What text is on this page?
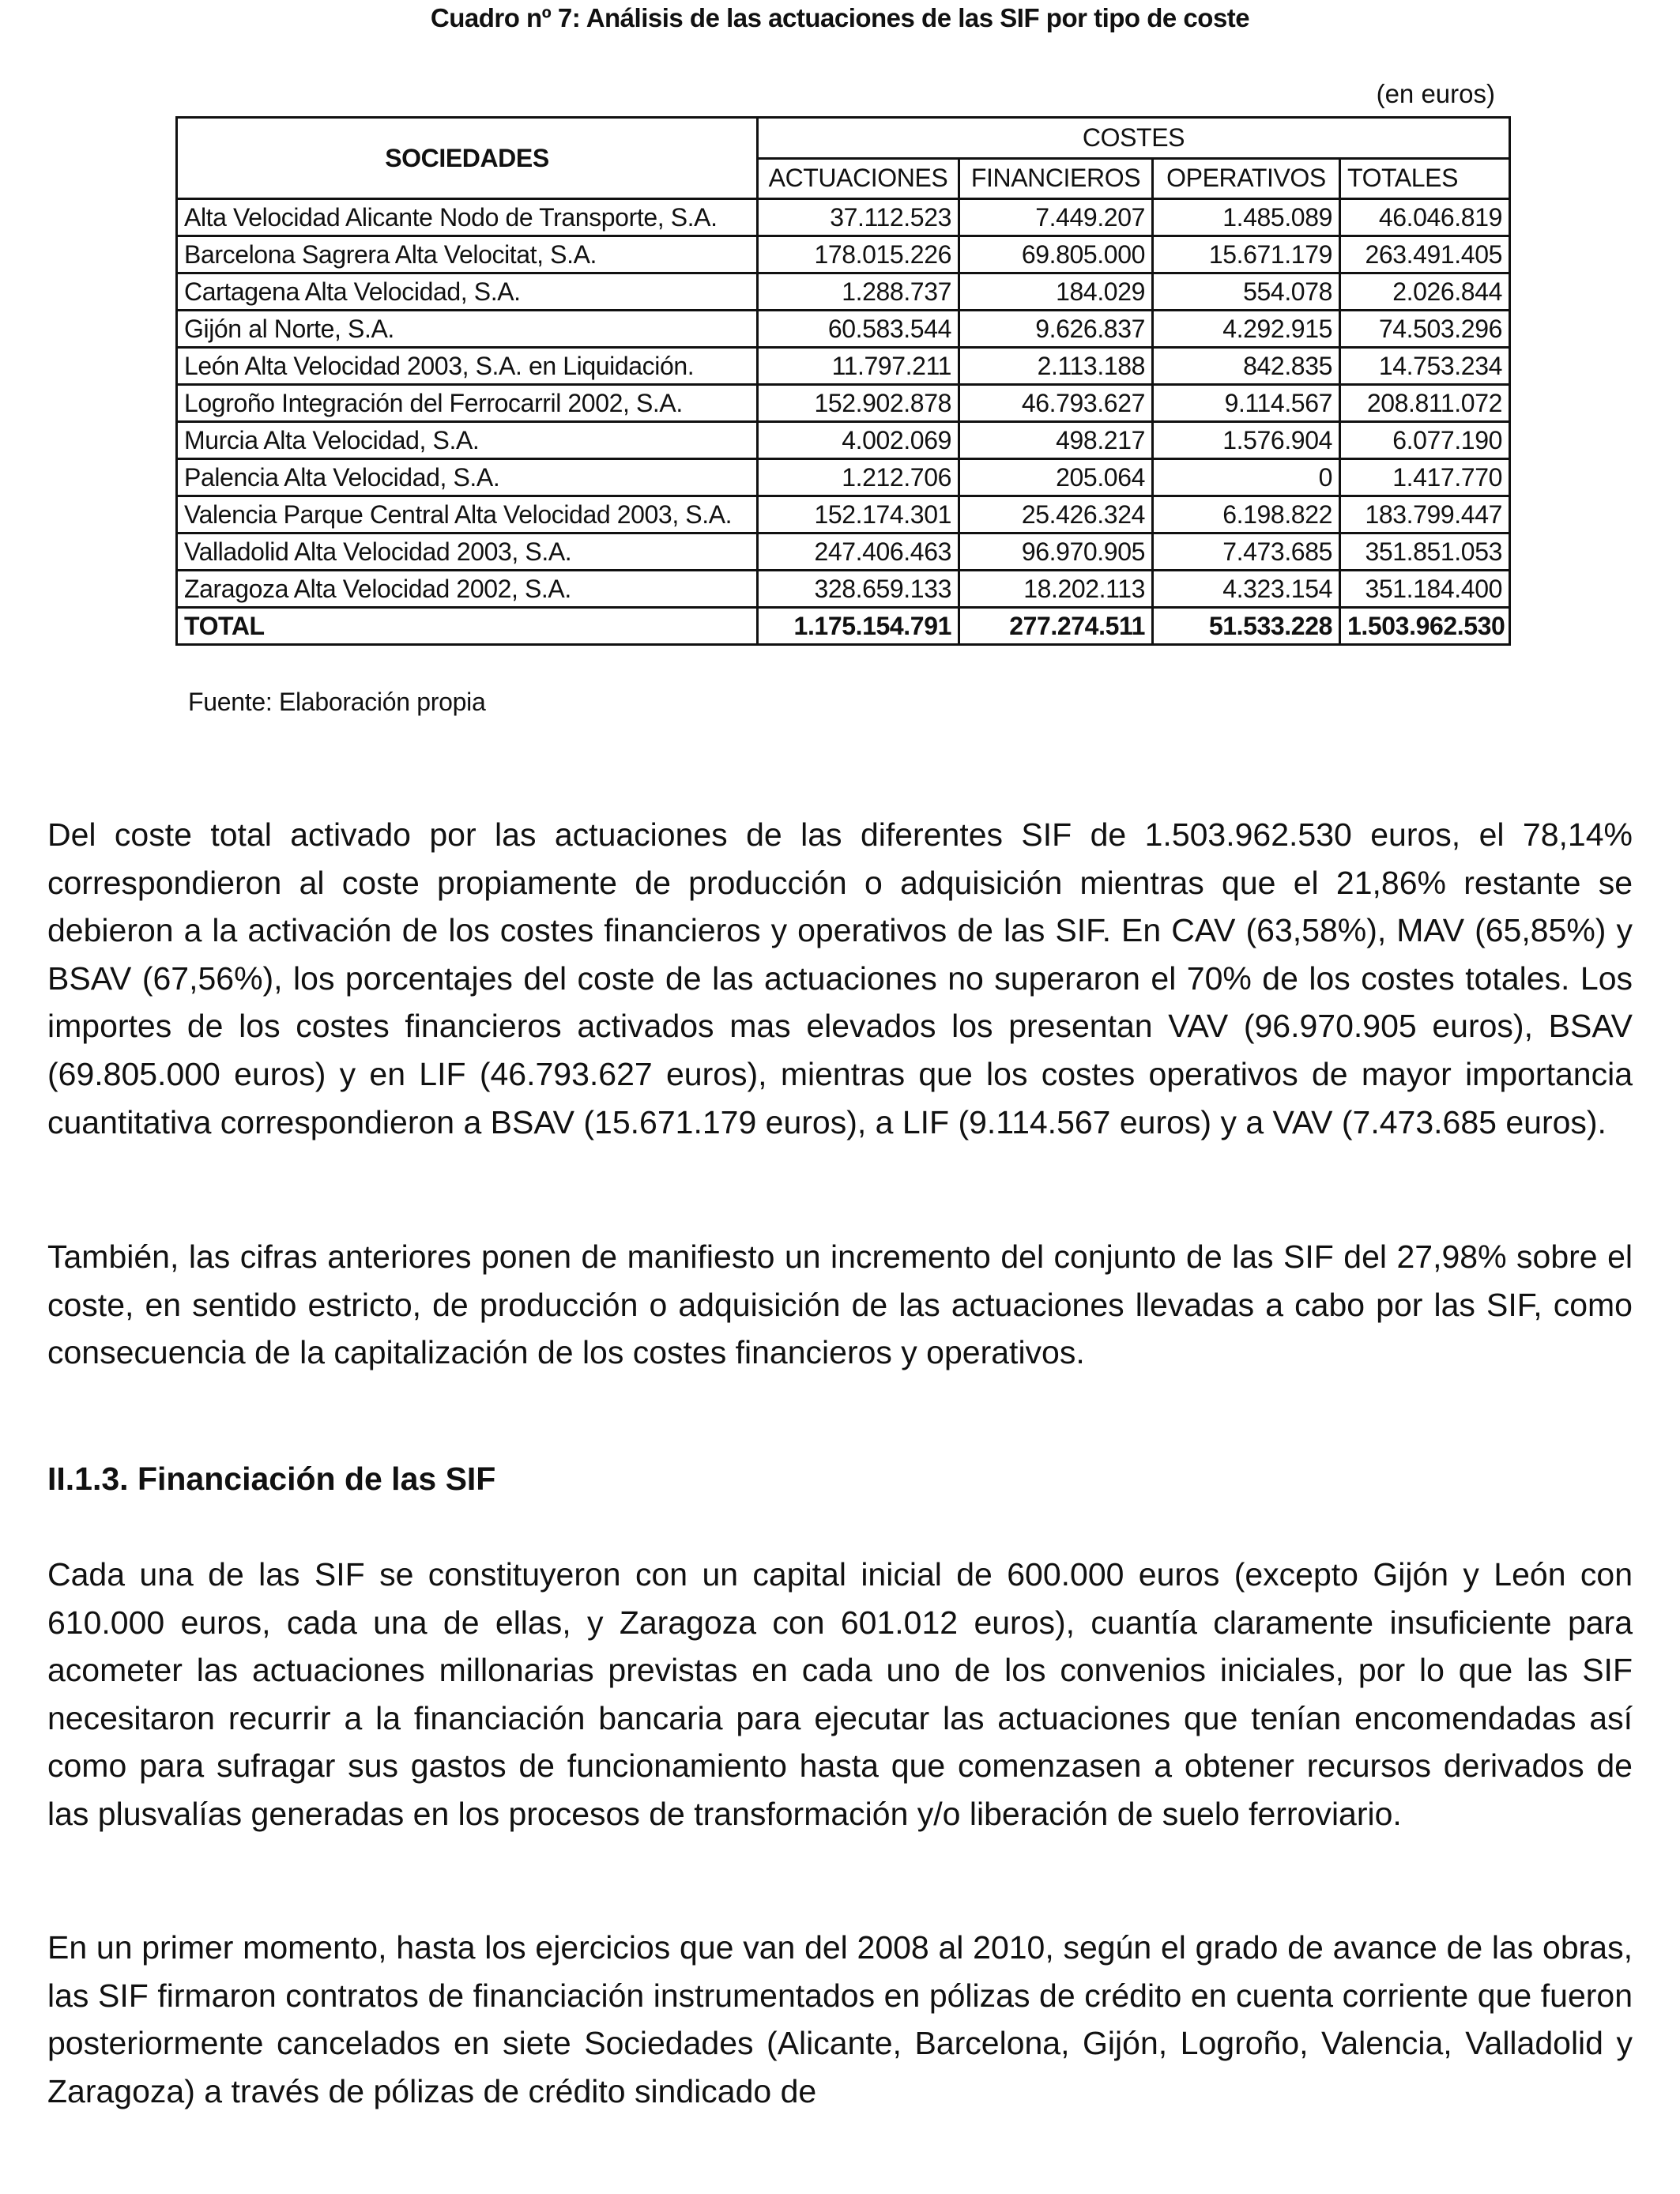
Cuadro nº 7: Análisis de las actuaciones de las SIF por tipo de coste
(en euros)
SOCIEDADES	COSTES			
	ACTUACIONES	FINANCIEROS	OPERATIVOS	TOTALES
Alta Velocidad Alicante Nodo de Transporte, S.A.	37.112.523	7.449.207	1.485.089	46.046.819
Barcelona Sagrera Alta Velocitat, S.A.	178.015.226	69.805.000	15.671.179	263.491.405
Cartagena Alta Velocidad, S.A.	1.288.737	184.029	554.078	2.026.844
Gijón al Norte, S.A.	60.583.544	9.626.837	4.292.915	74.503.296
León Alta Velocidad 2003, S.A. en Liquidación.	11.797.211	2.113.188	842.835	14.753.234
Logroño Integración del Ferrocarril 2002, S.A.	152.902.878	46.793.627	9.114.567	208.811.072
Murcia Alta Velocidad, S.A.	4.002.069	498.217	1.576.904	6.077.190
Palencia Alta Velocidad, S.A.	1.212.706	205.064	0	1.417.770
Valencia Parque Central Alta Velocidad 2003, S.A.	152.174.301	25.426.324	6.198.822	183.799.447
Valladolid Alta Velocidad 2003, S.A.	247.406.463	96.970.905	7.473.685	351.851.053
Zaragoza Alta Velocidad 2002, S.A.	328.659.133	18.202.113	4.323.154	351.184.400
TOTAL	1.175.154.791	277.274.511	51.533.228	1.503.962.530
Fuente: Elaboración propia

Del coste total activado por las actuaciones de las diferentes SIF de 1.503.962.530 euros, el 78,14% correspondieron al coste propiamente de producción o adquisición mientras que el 21,86% restante se debieron a la activación de los costes financieros y operativos de las SIF. En CAV (63,58%), MAV (65,85%) y BSAV (67,56%), los porcentajes del coste de las actuaciones no superaron el 70% de los costes totales. Los importes de los costes financieros activados mas elevados los presentan VAV (96.970.905 euros), BSAV (69.805.000 euros) y en LIF (46.793.627 euros), mientras que los costes operativos de mayor importancia cuantitativa correspondieron a BSAV (15.671.179 euros), a LIF (9.114.567 euros) y a VAV (7.473.685 euros).

También, las cifras anteriores ponen de manifiesto un incremento del conjunto de las SIF del 27,98% sobre el coste, en sentido estricto, de producción o adquisición de las actuaciones llevadas a cabo por las SIF, como consecuencia de la capitalización de los costes financieros y operativos.

II.1.3. Financiación de las SIF

Cada una de las SIF se constituyeron con un capital inicial de 600.000 euros (excepto Gijón y León con 610.000 euros, cada una de ellas, y Zaragoza con 601.012 euros), cuantía claramente insuficiente para acometer las actuaciones millonarias previstas en cada uno de los convenios iniciales, por lo que las SIF necesitaron recurrir a la financiación bancaria para ejecutar las actuaciones que tenían encomendadas así como para sufragar sus gastos de funcionamiento hasta que comenzasen a obtener recursos derivados de las plusvalías generadas en los procesos de transformación y/o liberación de suelo ferroviario.

En un primer momento, hasta los ejercicios que van del 2008 al 2010, según el grado de avance de las obras, las SIF firmaron contratos de financiación instrumentados en pólizas de crédito en cuenta corriente que fueron posteriormente cancelados en siete Sociedades (Alicante, Barcelona, Gijón, Logroño, Valencia, Valladolid y Zaragoza) a través de pólizas de crédito sindicado de
